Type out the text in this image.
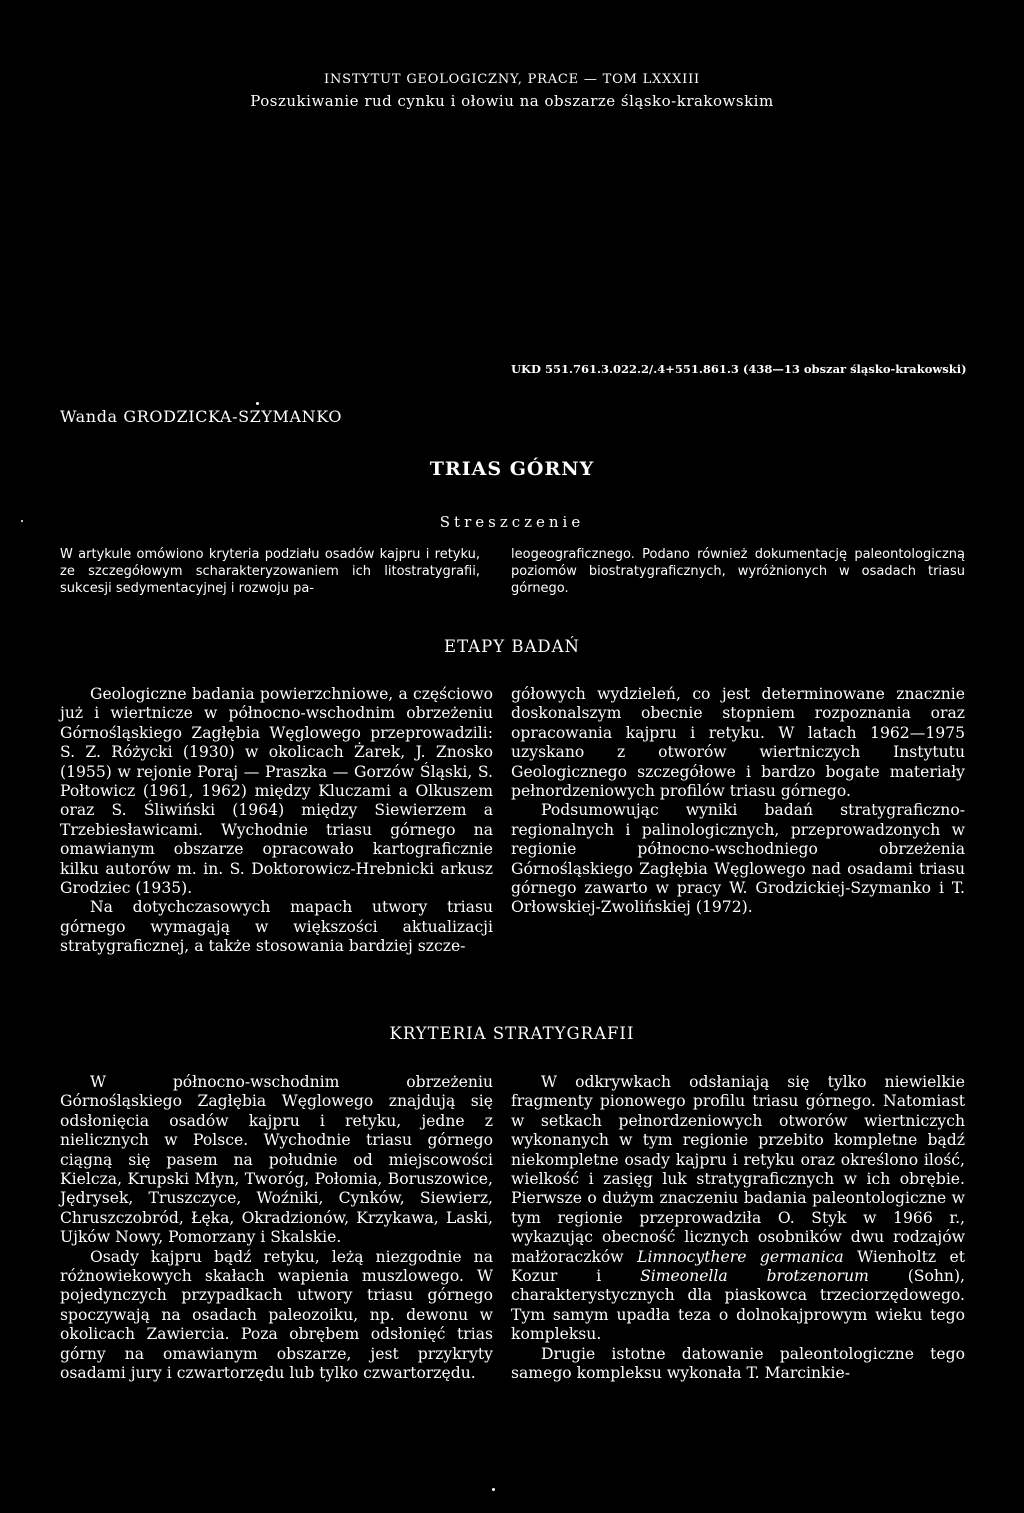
INSTYTUT GEOLOGICZNY, PRACE — TOM LXXXIII
Poszukiwanie rud cynku i ołowiu na obszarze śląsko-krakowskim
UKD 551.761.3.022.2/.4+551.861.3 (438—13 obszar śląsko-krakowski)
Wanda GRODZICKA-SZYMANKO
TRIAS GÓRNY
Streszczenie
W artykule omówiono kryteria podziału osadów kajpru i retyku, ze szczegółowym scharakteryzowaniem ich litostratygrafii, sukcesji sedymentacyjnej i rozwoju pa-
leogeograficznego. Podano również dokumentację paleontologiczną poziomów biostratygraficznych, wyróżnionych w osadach triasu górnego.
ETAPY BADAŃ

Geologiczne badania powierzchniowe, a częściowo już i wiertnicze w północno-wschodnim obrzeżeniu Górnośląskiego Zagłębia Węglowego przeprowadzili: S. Z. Różycki (1930) w okolicach Żarek, J. Znosko (1955) w rejonie Poraj — Praszka — Gorzów Śląski, S. Połtowicz (1961, 1962) między Kluczami a Olkuszem oraz S. Śliwiński (1964) między Siewierzem a Trzebiesławicami. Wychodnie triasu górnego na omawianym obszarze opracowało kartograficznie kilku autorów m. in. S. Doktorowicz-Hrebnicki arkusz Grodziec (1935).

Na dotychczasowych mapach utwory triasu górnego wymagają w większości aktualizacji stratygraficznej, a także stosowania bardziej szcze-

gółowych wydzieleń, co jest determinowane znacznie doskonalszym obecnie stopniem rozpoznania oraz opracowania kajpru i retyku. W latach 1962—1975 uzyskano z otworów wiertniczych Instytutu Geologicznego szczegółowe i bardzo bogate materiały pełnordzeniowych profilów triasu górnego.

Podsumowując wyniki badań stratygraficzno-regionalnych i palinologicznych, przeprowadzonych w regionie północno-wschodniego obrzeżenia Górnośląskiego Zagłębia Węglowego nad osadami triasu górnego zawarto w pracy W. Grodzickiej-Szymanko i T. Orłowskiej-Zwolińskiej (1972).

KRYTERIA STRATYGRAFII

W północno-wschodnim obrzeżeniu Górnośląskiego Zagłębia Węglowego znajdują się odsłonięcia osadów kajpru i retyku, jedne z nielicznych w Polsce. Wychodnie triasu górnego ciągną się pasem na południe od miejscowości Kielcza, Krupski Młyn, Tworóg, Połomia, Boruszowice, Jędrysek, Truszczyce, Woźniki, Cynków, Siewierz, Chruszczobród, Łęka, Okradzionów, Krzykawa, Laski, Ujków Nowy, Pomorzany i Skalskie.

Osady kajpru bądź retyku, leżą niezgodnie na różnowiekowych skałach wapienia muszlowego. W pojedynczych przypadkach utwory triasu górnego spoczywają na osadach paleozoiku, np. dewonu w okolicach Zawiercia. Poza obrębem odsłonięć trias górny na omawianym obszarze, jest przykryty osadami jury i czwartorzędu lub tylko czwartorzędu.

W odkrywkach odsłaniają się tylko niewielkie fragmenty pionowego profilu triasu górnego. Natomiast w setkach pełnordzeniowych otworów wiertniczych wykonanych w tym regionie przebito kompletne bądź niekompletne osady kajpru i retyku oraz określono ilość, wielkość i zasięg luk stratygraficznych w ich obrębie. Pierwsze o dużym znaczeniu badania paleontologiczne w tym regionie przeprowadziła O. Styk w 1966 r., wykazując obecność licznych osobników dwu rodzajów małżoraczków Limnocythere germanica Wienholtz et Kozur i Simeonella brotzenorum (Sohn), charakterystycznych dla piaskowca trzeciorzędowego. Tym samym upadła teza o dolnokajprowym wieku tego kompleksu.

Drugie istotne datowanie paleontologiczne tego samego kompleksu wykonała T. Marcinkie-
